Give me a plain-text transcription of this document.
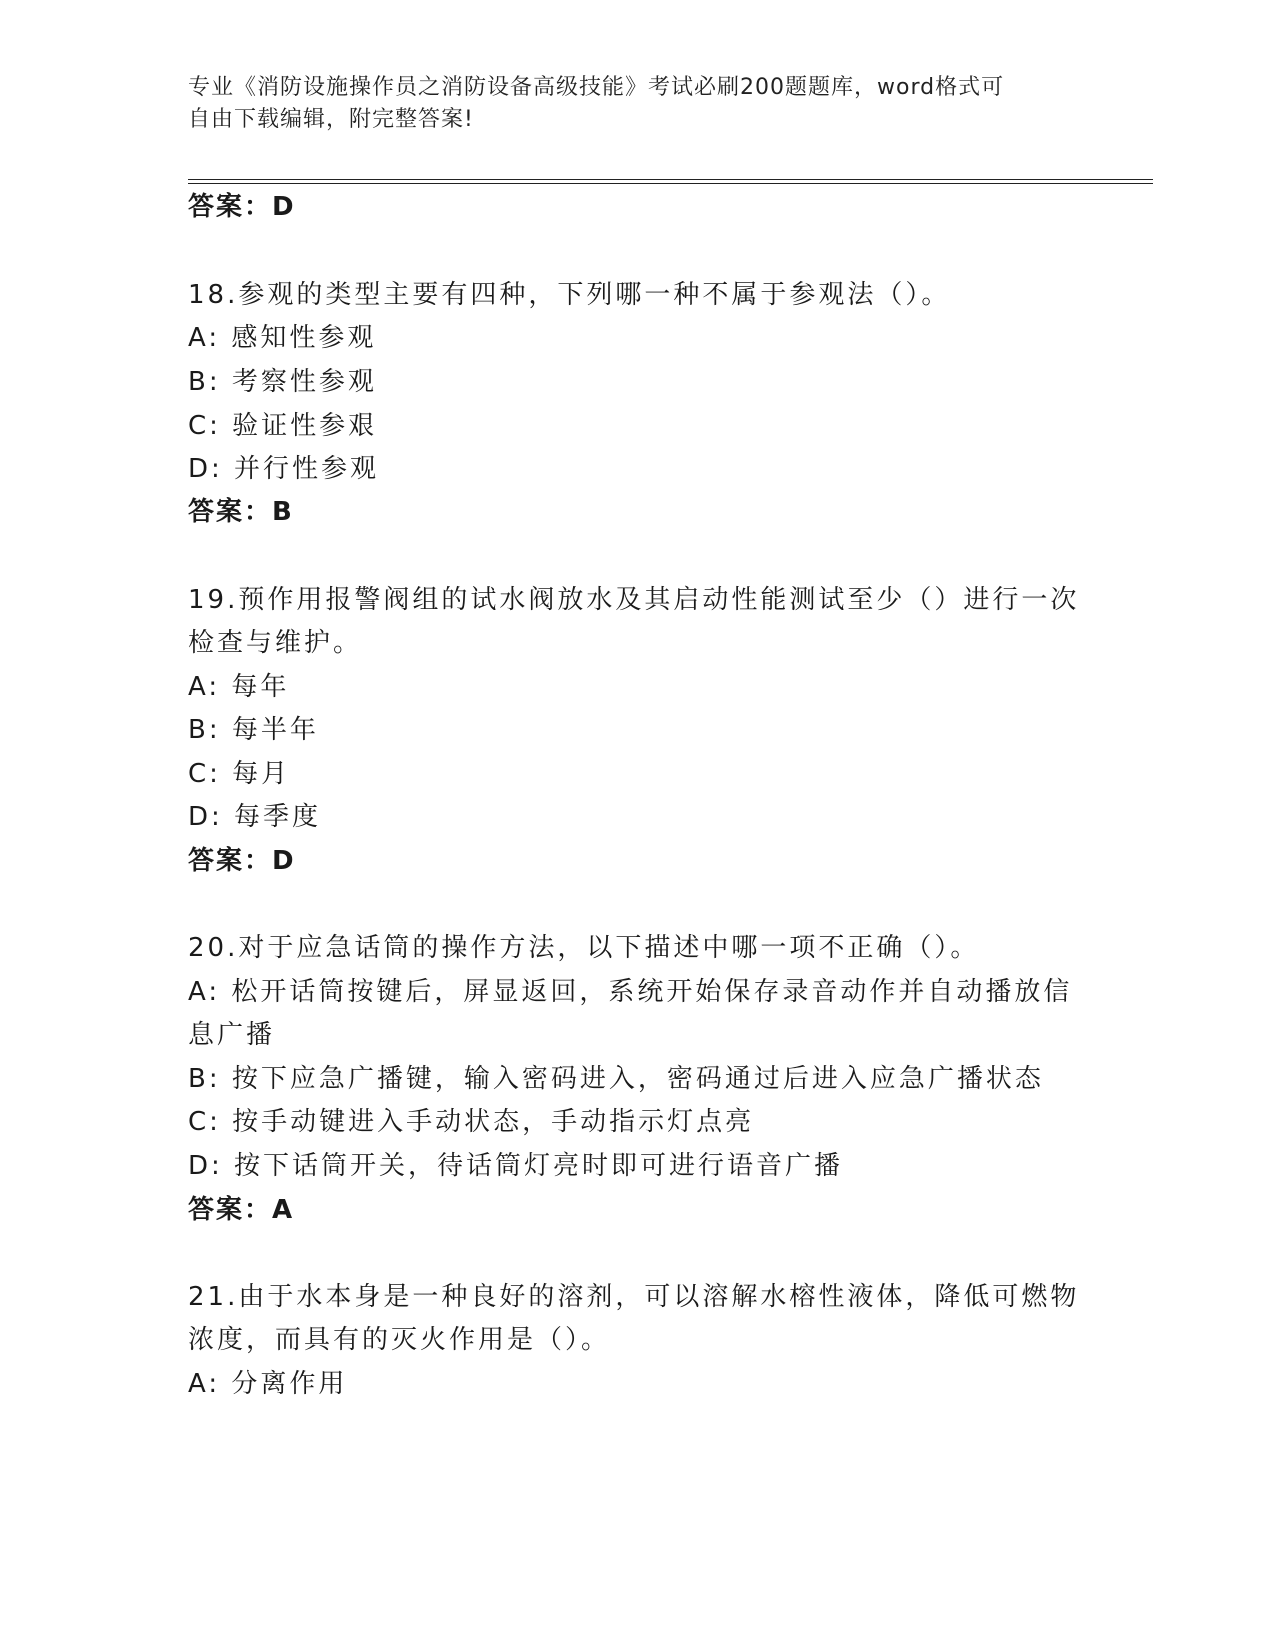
专业《消防设施操作员之消防设备高级技能》考试必刷200题题库，word格式可
自由下载编辑，附完整答案!
答案：D
18.参观的类型主要有四种，下列哪一种不属于参观法（）。
A: 感知性参观
B: 考察性参观
C: 验证性参艰
D: 并行性参观
答案：B
19.预作用报警阀组的试水阀放水及其启动性能测试至少（）进行一次
检查与维护。
A: 每年
B: 每半年
C: 每月
D: 每季度
答案：D
20.对于应急话筒的操作方法，以下描述中哪一项不正确（）。
A: 松开话筒按键后，屏显返回，系统开始保存录音动作并自动播放信
息广播
B: 按下应急广播键，输入密码进入，密码通过后进入应急广播状态
C: 按手动键进入手动状态，手动指示灯点亮
D: 按下话筒开关，待话筒灯亮时即可进行语音广播
答案：A
21.由于水本身是一种良好的溶剂，可以溶解水榕性液体，降低可燃物
浓度，而具有的灭火作用是（）。
A: 分离作用
